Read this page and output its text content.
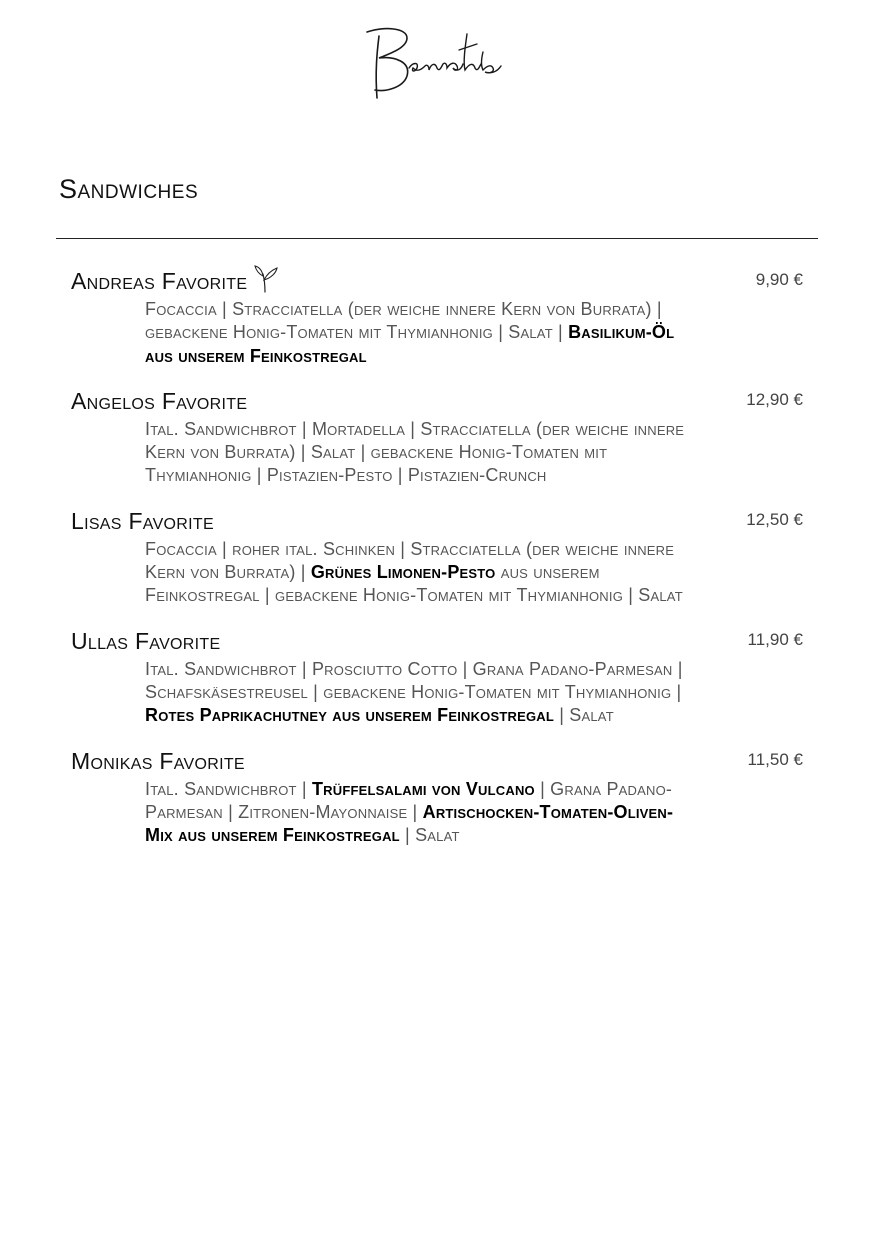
Sandwiches
Andreas Favorite	9,90 €
Focaccia | Stracciatella (der weiche innere Kern von Burrata) | gebackene Honig-Tomaten mit Thymianhonig | Salat | Basilikum-Öl aus unserem Feinkostregal
Angelos Favorite	12,90 €
Ital. Sandwichbrot | Mortadella | Stracciatella (der weiche innere Kern von Burrata) | Salat | gebackene Honig-Tomaten mit Thymianhonig | Pistazien-Pesto | Pistazien-Crunch
Lisas Favorite	12,50 €
Focaccia | roher ital. Schinken | Stracciatella (der weiche innere Kern von Burrata) | Grünes Limonen-Pesto aus unserem Feinkostregal | gebackene Honig-Tomaten mit Thymianhonig | Salat
Ullas Favorite	11,90 €
Ital. Sandwichbrot | Prosciutto Cotto | Grana Padano-Parmesan | Schafskäsestreusel | gebackene Honig-Tomaten mit Thymianhonig | Rotes Paprikachutney aus unserem Feinkostregal | Salat
Monikas Favorite	11,50 €
Ital. Sandwichbrot | Trüffelsalami von Vulcano | Grana Padano-Parmesan | Zitronen-Mayonnaise | Artischocken-Tomaten-Oliven-Mix aus unserem Feinkostregal | Salat
